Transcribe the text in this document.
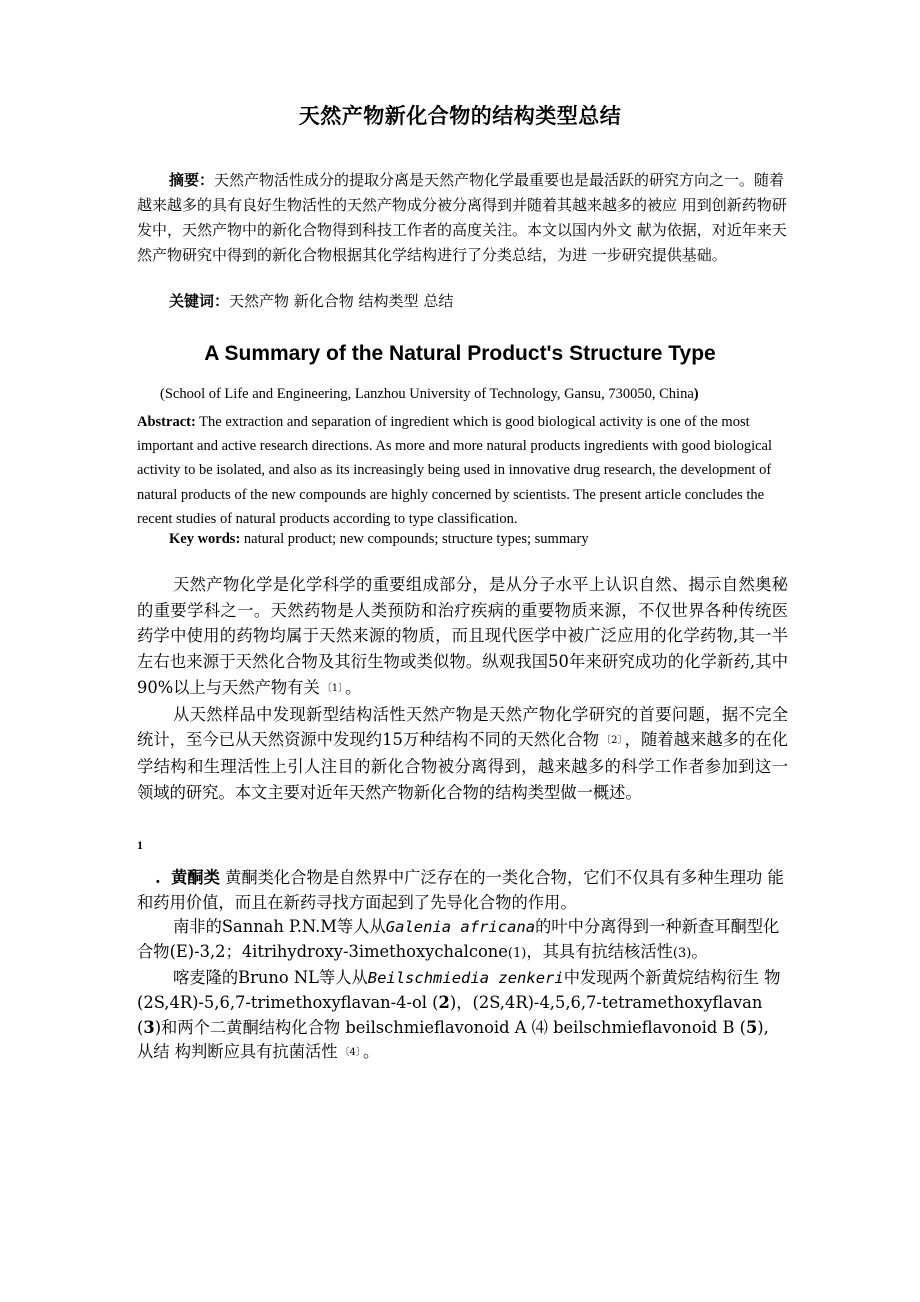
天然产物新化合物的结构类型总结

摘要：天然产物活性成分的提取分离是天然产物化学最重要也是最活跃的研究方向之一。随着越来越多的具有良好生物活性的天然产物成分被分离得到并随着其越来越多的被应 用到创新药物研发中，天然产物中的新化合物得到科技工作者的高度关注。本文以国内外文 献为依据，对近年来天然产物研究中得到的新化合物根据其化学结构进行了分类总结，为进 一步研究提供基础。

关键词：天然产物 新化合物 结构类型 总结
A Summary of the Natural Product's Structure Type
(School of Life and Engineering, Lanzhou University of Technology, Gansu, 730050, China)
Abstract: The extraction and separation of ingredient which is good biological activity is one of the most important and active research directions. As more and more natural products ingredients with good biological activity to be isolated, and also as its increasingly being used in innovative drug research, the development of natural products of the new compounds are highly concerned by scientists. The present article concludes the recent studies of natural products according to type classification.
Key words: natural product; new compounds; structure types; summary

天然产物化学是化学科学的重要组成部分，是从分子水平上认识自然、揭示自然奥秘的重要学科之一。天然药物是人类预防和治疗疾病的重要物质来源，不仅世界各种传统医药学中使用的药物均属于天然来源的物质，而且现代医学中被广泛应用的化学药物,其一半左右也来源于天然化合物及其衍生物或类似物。纵观我国50年来研究成功的化学新药,其中90%以上与天然产物有关 〔1〕 。

从天然样品中发现新型结构活性天然产物是天然产物化学研究的首要问题，据不完全统计，至今已从天然资源中发现约15万种结构不同的天然化合物 〔2〕 ，随着越来越多的在化学结构和生理活性上引人注目的新化合物被分离得到，越来越多的科学工作者参加到这一领域的研究。本文主要对近年天然产物新化合物的结构类型做一概述。

1

. 黄酮类 黄酮类化合物是自然界中广泛存在的一类化合物，它们不仅具有多种生理功 能和药用价值，而且在新药寻找方面起到了先导化合物的作用。

南非的Sannah P.N.M等人从Galenia africana的叶中分离得到一种新查耳酮型化合物(E)-3,2；4itrihydroxy-3imethoxychalcone(1)，其具有抗结核活性(3)。

喀麦隆的Bruno NL等人从Beilschmiedia zenkeri中发现两个新黄烷结构衍生 物(2S,4R)-5,6,7-trimethoxyflavan-4-ol (2)，(2S,4R)-4,5,6,7-tetramethoxyflavan (3)和两个二黄酮结构化合物 beilschmieflavonoid A ⑷ beilschmieflavonoid B (5), 从结 构判断应具有抗菌活性 〔4〕 。
